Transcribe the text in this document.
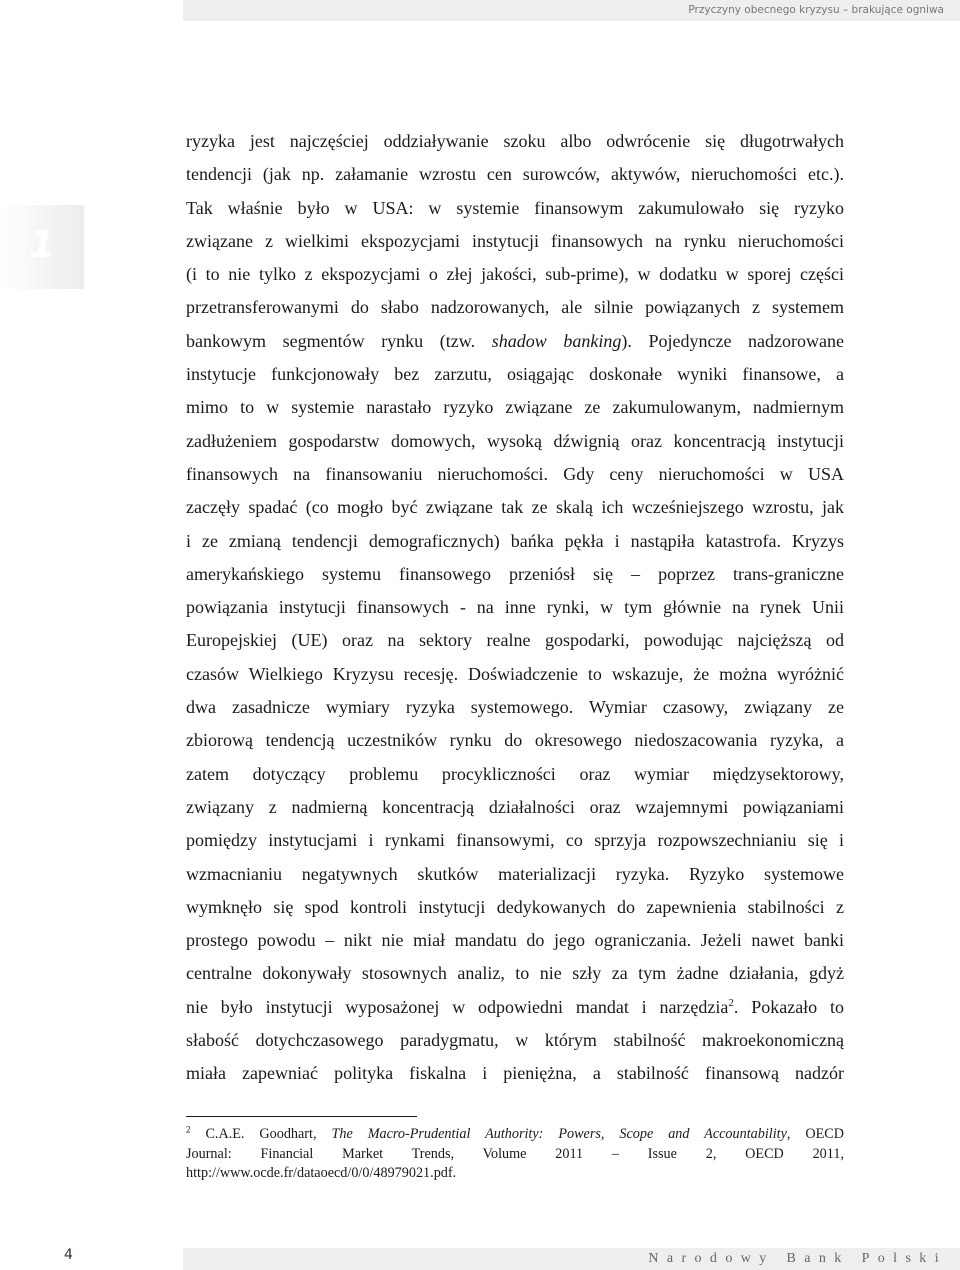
Przyczyny obecnego kryzysu – brakujące ogniwa
1
ryzyka jest najczęściej oddziaływanie szoku albo odwrócenie się długotrwałych
tendencji (jak np. załamanie wzrostu cen surowców, aktywów, nieruchomości etc.).
Tak właśnie było w USA: w systemie finansowym zakumulowało się ryzyko
związane z wielkimi ekspozycjami instytucji finansowych na rynku nieruchomości
(i to nie tylko z ekspozycjami o złej jakości, sub-prime), w dodatku w sporej części
przetransferowanymi do słabo nadzorowanych, ale silnie powiązanych z systemem
bankowym segmentów rynku (tzw. shadow banking). Pojedyncze nadzorowane
instytucje funkcjonowały bez zarzutu, osiągając doskonałe wyniki finansowe, a
mimo to w systemie narastało ryzyko związane ze zakumulowanym, nadmiernym
zadłużeniem gospodarstw domowych, wysoką dźwignią oraz koncentracją instytucji
finansowych na finansowaniu nieruchomości. Gdy ceny nieruchomości w USA
zaczęły spadać (co mogło być związane tak ze skalą ich wcześniejszego wzrostu, jak
i ze zmianą tendencji demograficznych) bańka pękła i nastąpiła katastrofa. Kryzys
amerykańskiego systemu finansowego przeniósł się – poprzez trans-graniczne
powiązania instytucji finansowych - na inne rynki, w tym głównie na rynek Unii
Europejskiej (UE) oraz na sektory realne gospodarki, powodując najcięższą od
czasów Wielkiego Kryzysu recesję. Doświadczenie to wskazuje, że można wyróżnić
dwa zasadnicze wymiary ryzyka systemowego. Wymiar czasowy, związany ze
zbiorową tendencją uczestników rynku do okresowego niedoszacowania ryzyka, a
zatem dotyczący problemu procykliczności oraz wymiar międzysektorowy,
związany z nadmierną koncentracją działalności oraz wzajemnymi powiązaniami
pomiędzy instytucjami i rynkami finansowymi, co sprzyja rozpowszechnianiu się i
wzmacnianiu negatywnych skutków materializacji ryzyka. Ryzyko systemowe
wymknęło się spod kontroli instytucji dedykowanych do zapewnienia stabilności z
prostego powodu – nikt nie miał mandatu do jego ograniczania. Jeżeli nawet banki
centralne dokonywały stosownych analiz, to nie szły za tym żadne działania, gdyż
nie było instytucji wyposażonej w odpowiedni mandat i narzędzia$^2$. Pokazało to
słabość dotychczasowego paradygmatu, w którym stabilność makroekonomiczną
miała zapewniać polityka fiskalna i pieniężna, a stabilność finansową nadzór
$^2$ C.A.E. Goodhart, The Macro-Prudential Authority: Powers, Scope and Accountability, OECD
Journal: Financial Market Trends, Volume 2011 – Issue 2, OECD 2011,
http://www.ocde.fr/dataoecd/0/0/48979021.pdf.
4	Narodowy Bank Polski
